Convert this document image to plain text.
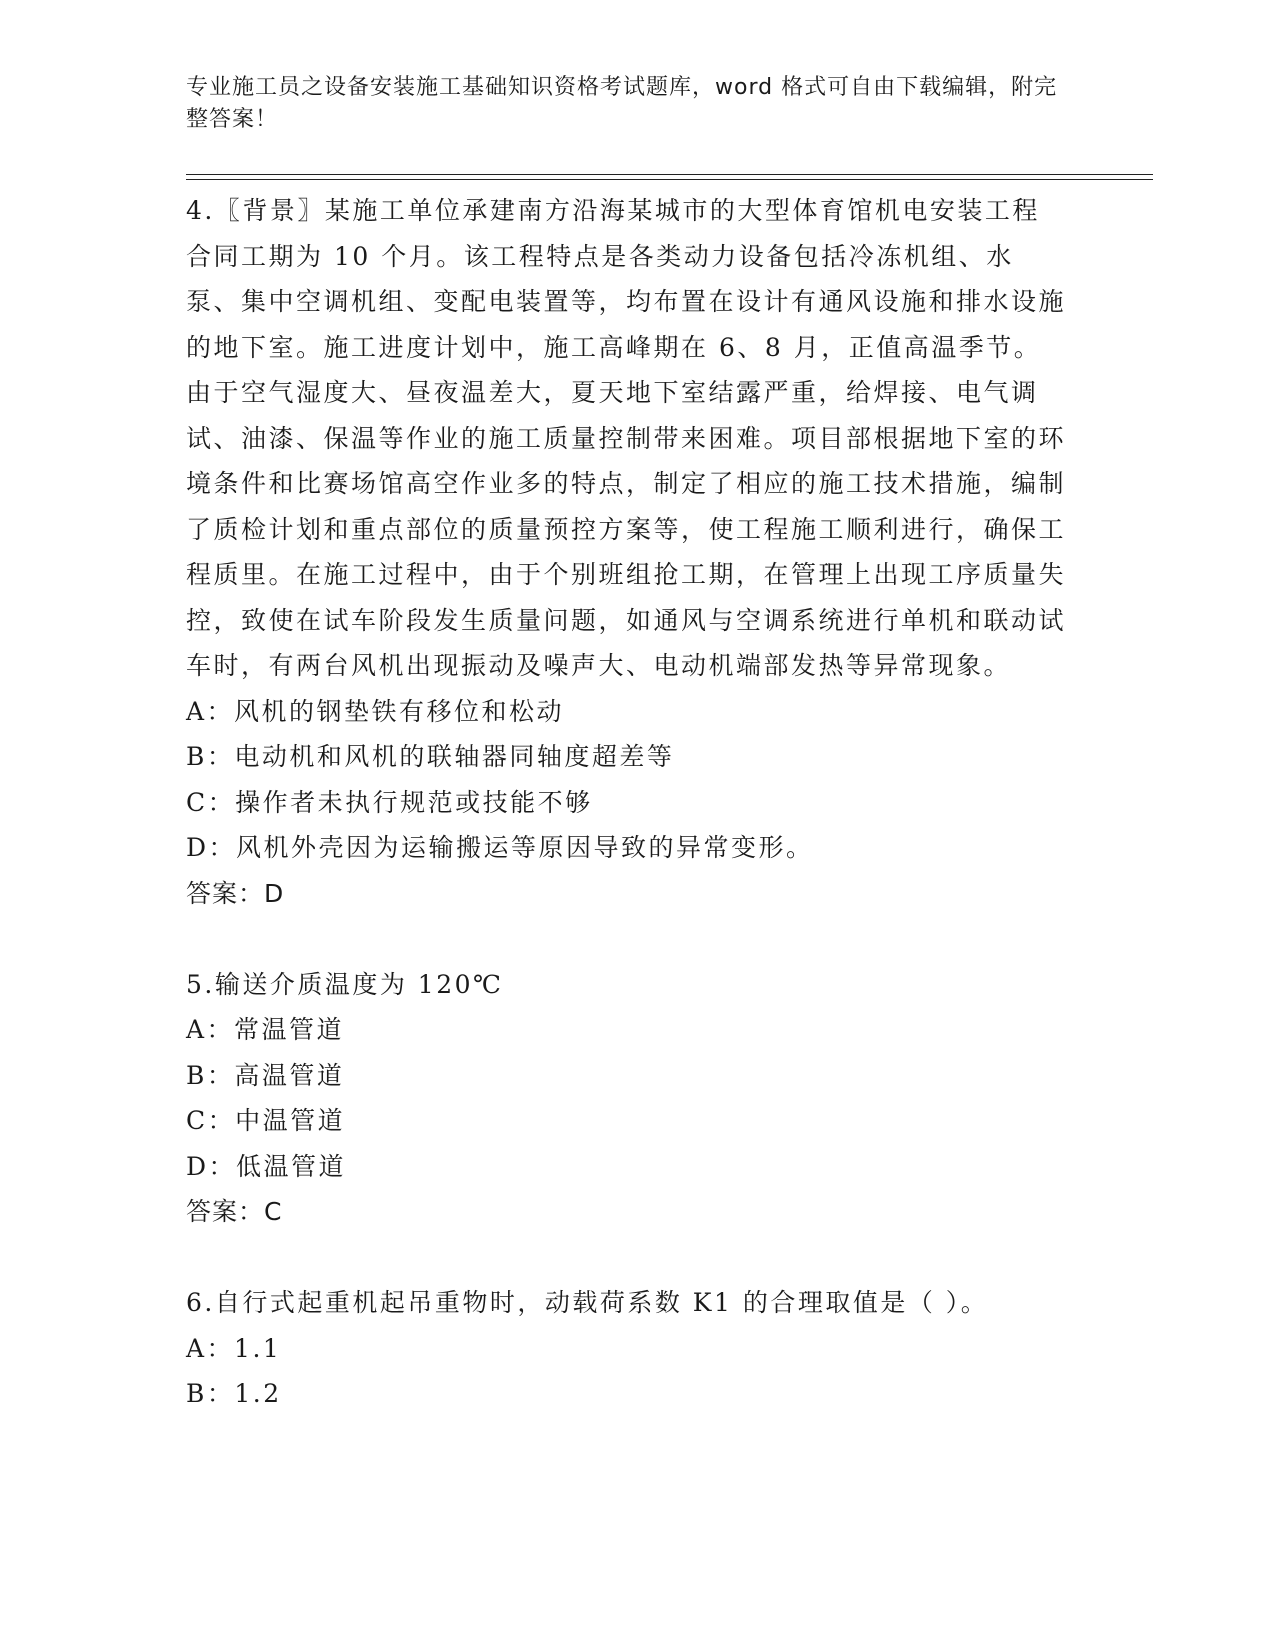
专业施工员之设备安装施工基础知识资格考试题库，word 格式可自由下载编辑，附完整答案！

4.〖背景〗某施工单位承建南方沿海某城市的大型体育馆机电安装工程合同工期为 10 个月。该工程特点是各类动力设备包括冷冻机组、水泵、集中空调机组、变配电装置等，均布置在设计有通风设施和排水设施的地下室。施工进度计划中，施工高峰期在 6、8 月，正值高温季节。由于空气湿度大、昼夜温差大，夏天地下室结露严重，给焊接、电气调试、油漆、保温等作业的施工质量控制带来困难。项目部根据地下室的环境条件和比赛场馆高空作业多的特点，制定了相应的施工技术措施，编制了质检计划和重点部位的质量预控方案等，使工程施工顺利进行，确保工程质里。在施工过程中，由于个别班组抢工期，在管理上出现工序质量失控，致使在试车阶段发生质量问题，如通风与空调系统进行单机和联动试车时，有两台风机出现振动及噪声大、电动机端部发热等异常现象。

A：风机的钢垫铁有移位和松动

B：电动机和风机的联轴器同轴度超差等

C：操作者未执行规范或技能不够

D：风机外壳因为运输搬运等原因导致的异常变形。

答案：D

5.输送介质温度为 120℃

A：常温管道

B：高温管道

C：中温管道

D：低温管道

答案：C

6.自行式起重机起吊重物时，动载荷系数 K1 的合理取值是（ ）。

A：1.1

B：1.2
